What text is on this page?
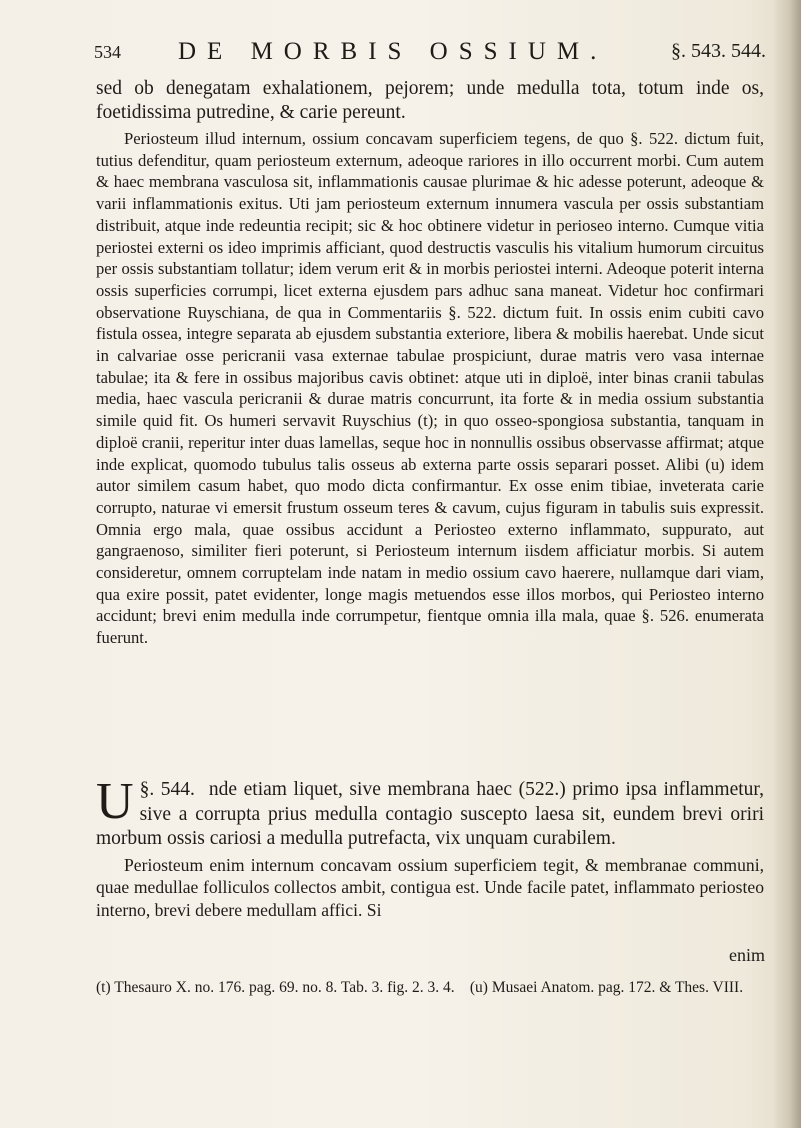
534 DE MORBIS OSSIUM.	§. 543. 544.

sed ob denegatam exhalationem, pejorem; unde medulla tota, totum inde os, foetidissima putredine, & carie pereunt.

Periosteum illud internum, ossium concavam superficiem tegens, de quo §. 522. dictum fuit, tutius defenditur, quam periosteum externum, adeoque rariores in illo occurrent morbi. Cum autem & haec membrana vasculosa sit, inflammationis causae plurimae & hic adesse poterunt, adeoque & varii inflammationis exitus. Uti jam periosteum externum innumera vascula per ossis substantiam distribuit, atque inde redeuntia recipit; sic & hoc obtinere videtur in perioseo interno. Cumque vitia periostei externi os ideo imprimis afficiant, quod destructis vasculis his vitalium humorum circuitus per ossis substantiam tollatur; idem verum erit & in morbis periostei interni. Adeoque poterit interna ossis superficies corrumpi, licet externa ejusdem pars adhuc sana maneat. Videtur hoc confirmari observatione Ruyschiana, de qua in Commentariis §. 522. dictum fuit. In ossis enim cubiti cavo fistula ossea, integre separata ab ejusdem substantia exteriore, libera & mobilis haerebat. Unde sicut in calvariae osse pericranii vasa externae tabulae prospiciunt, durae matris vero vasa internae tabulae; ita & fere in ossibus majoribus cavis obtinet: atque uti in diploë, inter binas cranii tabulas media, haec vascula pericranii & durae matris concurrunt, ita forte & in media ossium substantia simile quid fit. Os humeri servavit Ruyschius (t); in quo osseo-spongiosa substantia, tanquam in diploë cranii, reperitur inter duas lamellas, seque hoc in nonnullis ossibus observasse affirmat; atque inde explicat, quomodo tubulus talis osseus ab externa parte ossis separari posset. Alibi (u) idem autor similem casum habet, quo modo dicta confirmantur. Ex osse enim tibiae, inveterata carie corrupto, naturae vi emersit frustum osseum teres & cavum, cujus figuram in tabulis suis expressit. Omnia ergo mala, quae ossibus accidunt a Periosteo externo inflammato, suppurato, aut gangraenoso, similiter fieri poterunt, si Periosteum internum iisdem afficiatur morbis. Si autem consideretur, omnem corruptelam inde natam in medio ossium cavo haerere, nullamque dari viam, qua exire possit, patet evidenter, longe magis metuendos esse illos morbos, qui Periosteo interno accidunt; brevi enim medulla inde corrumpetur, fientque omnia illa mala, quae §. 526. enumerata fuerunt.

U §. 544. nde etiam liquet, sive membrana haec (522.) primo ipsa inflammetur, sive a corrupta prius medulla contagio suscepto laesa sit, eundem brevi oriri morbum ossis cariosi a medulla putrefacta, vix unquam curabilem.

Periosteum enim internum concavam ossium superficiem tegit, & membranae communi, quae medullae folliculos collectos ambit, contigua est. Unde facile patet, inflammato periosteo interno, brevi debere medullam affici. Si

enim
(t) Thesauro X. no. 176. pag. 69. no. 8. Tab. 3. fig. 2. 3. 4. (u) Musaei Anatom. pag. 172. & Thes. VIII.
